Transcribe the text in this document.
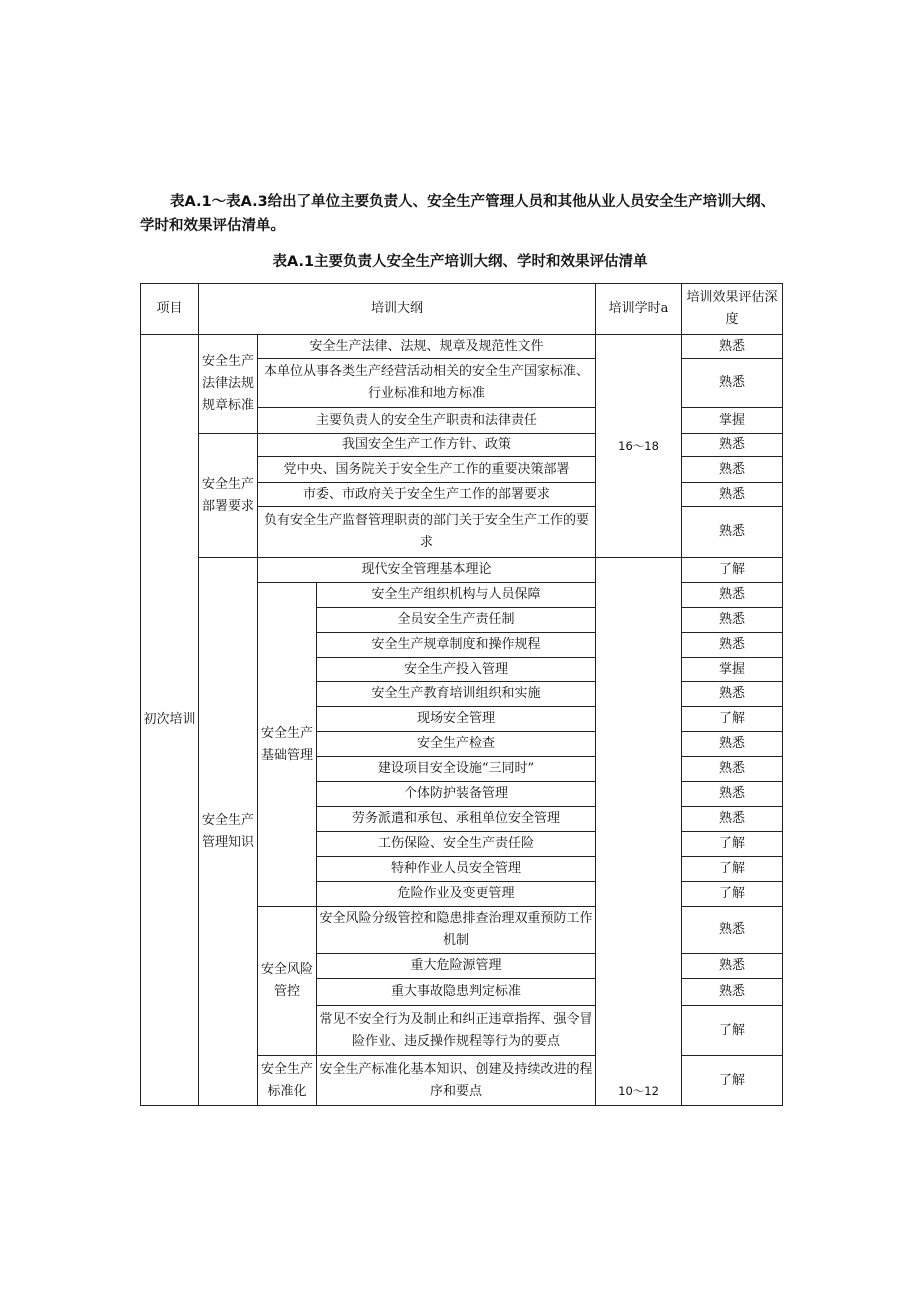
表A.1～表A.3给出了单位主要负责人、安全生产管理人员和其他从业人员安全生产培训大纲、学时和效果评估清单。
表A.1主要负责人安全生产培训大纲、学时和效果评估清单
项目	培训大纲			培训学时a	培训效果评估深度
初次培训	安全生产法律法规规章标准	安全生产法律、法规、规章及规范性文件		16～18	熟悉
		本单位从事各类生产经营活动相关的安全生产国家标准、行业标准和地方标准			熟悉
		主要负责人的安全生产职责和法律责任			掌握
	安全生产部署要求	我国安全生产工作方针、政策			熟悉
		党中央、国务院关于安全生产工作的重要决策部署			熟悉
		市委、市政府关于安全生产工作的部署要求			熟悉
		负有安全生产监督管理职责的部门关于安全生产工作的要求			熟悉
	安全生产管理知识	现代安全管理基本理论		10～12	了解
		安全生产基础管理	安全生产组织机构与人员保障		熟悉
			全员安全生产责任制		熟悉
			安全生产规章制度和操作规程		熟悉
			安全生产投入管理		掌握
			安全生产教育培训组织和实施		熟悉
			现场安全管理		了解
			安全生产检查		熟悉
			建设项目安全设施“三同时”		熟悉
			个体防护装备管理		熟悉
			劳务派遣和承包、承租单位安全管理		熟悉
			工伤保险、安全生产责任险		了解
			特种作业人员安全管理		了解
			危险作业及变更管理		了解
		安全风险管控	安全风险分级管控和隐患排查治理双重预防工作机制		熟悉
			重大危险源管理		熟悉
			重大事故隐患判定标准		熟悉
			常见不安全行为及制止和纠正违章指挥、强令冒险作业、违反操作规程等行为的要点		了解
		安全生产标准化	安全生产标准化基本知识、创建及持续改进的程序和要点		了解
